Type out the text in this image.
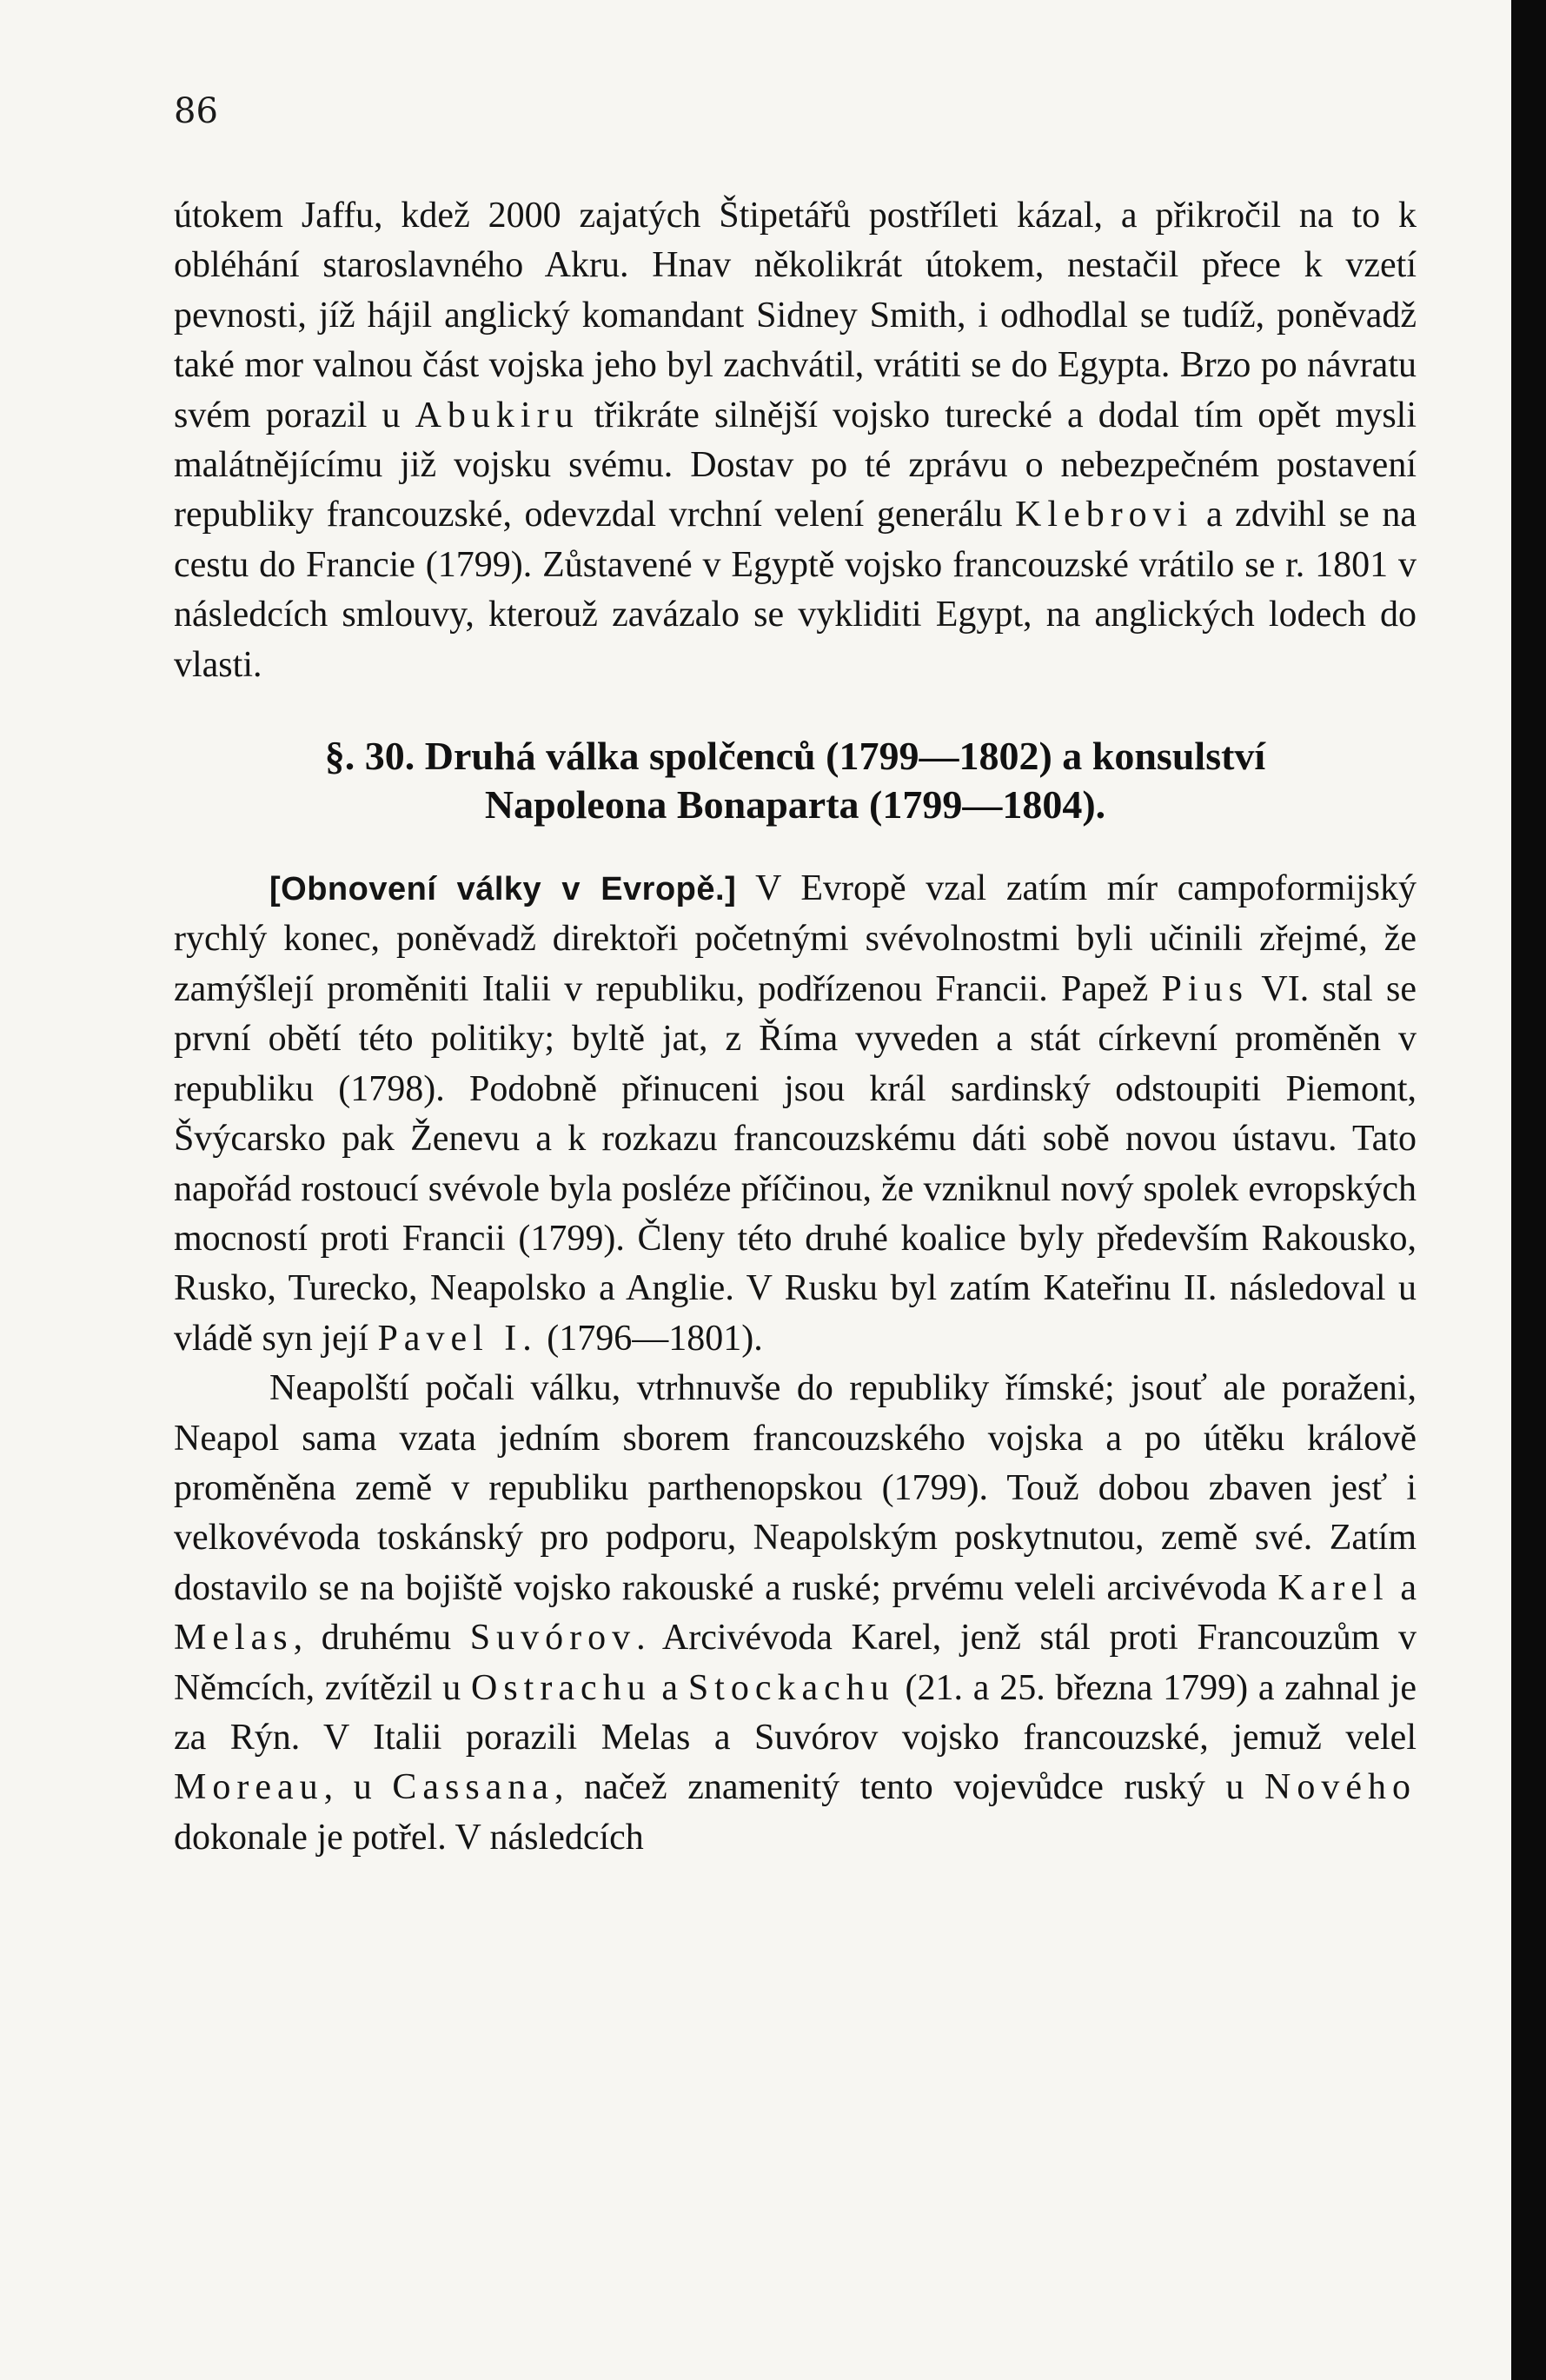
86

útokem Jaffu, kdež 2000 zajatých Štipetářů postříleti kázal, a přikročil na to k obléhání staroslavného Akru. Hnav několikrát útokem, nestačil přece k vzetí pevnosti, jíž hájil anglický komandant Sidney Smith, i odhodlal se tudíž, poněvadž také mor valnou část vojska jeho byl zachvátil, vrátiti se do Egypta. Brzo po návratu svém porazil u Abukiru třikráte silnější vojsko turecké a dodal tím opět mysli malátnějícímu již vojsku svému. Dostav po té zprávu o nebezpečném postavení republiky francouzské, odevzdal vrchní velení generálu Klebrovi a zdvihl se na cestu do Francie (1799). Zůstavené v Egyptě vojsko francouzské vrátilo se r. 1801 v následcích smlouvy, kterouž zavázalo se vykliditi Egypt, na anglických lodech do vlasti.

§. 30. Druhá válka spolčenců (1799—1802) a konsulství
Napoleona Bonaparta (1799—1804).

[Obnovení války v Evropě.] V Evropě vzal zatím mír campoformijský rychlý konec, poněvadž direktoři početnými svévolnostmi byli učinili zřejmé, že zamýšlejí proměniti Italii v republiku, podřízenou Francii. Papež Pius VI. stal se první obětí této politiky; byltě jat, z Říma vyveden a stát církevní proměněn v republiku (1798). Podobně přinuceni jsou král sardinský odstoupiti Piemont, Švýcarsko pak Ženevu a k rozkazu francouzskému dáti sobě novou ústavu. Tato napořád rostoucí svévole byla posléze příčinou, že vzniknul nový spolek evropských mocností proti Francii (1799). Členy této druhé koalice byly především Rakousko, Rusko, Turecko, Neapolsko a Anglie. V Rusku byl zatím Kateřinu II. následoval u vládě syn její Pavel I. (1796—1801).

Neapolští počali válku, vtrhnuvše do republiky římské; jsouť ale poraženi, Neapol sama vzata jedním sborem francouzského vojska a po útěku královĕ proměněna země v republiku parthenopskou (1799). Touž dobou zbaven jesť i velkovévoda toskánský pro podporu, Neapolským poskytnutou, země své. Zatím dostavilo se na bojiště vojsko rakouské a ruské; prvému veleli arcivévoda Karel a Melas, druhému Suvórov. Arcivévoda Karel, jenž stál proti Francouzům v Němcích, zvítězil u Ostrachu a Stockachu (21. a 25. března 1799) a zahnal je za Rýn. V Italii porazili Melas a Suvórov vojsko francouzské, jemuž velel Moreau, u Cassana, načež znamenitý tento vojevůdce ruský u Nového dokonale je potřel. V následcích
